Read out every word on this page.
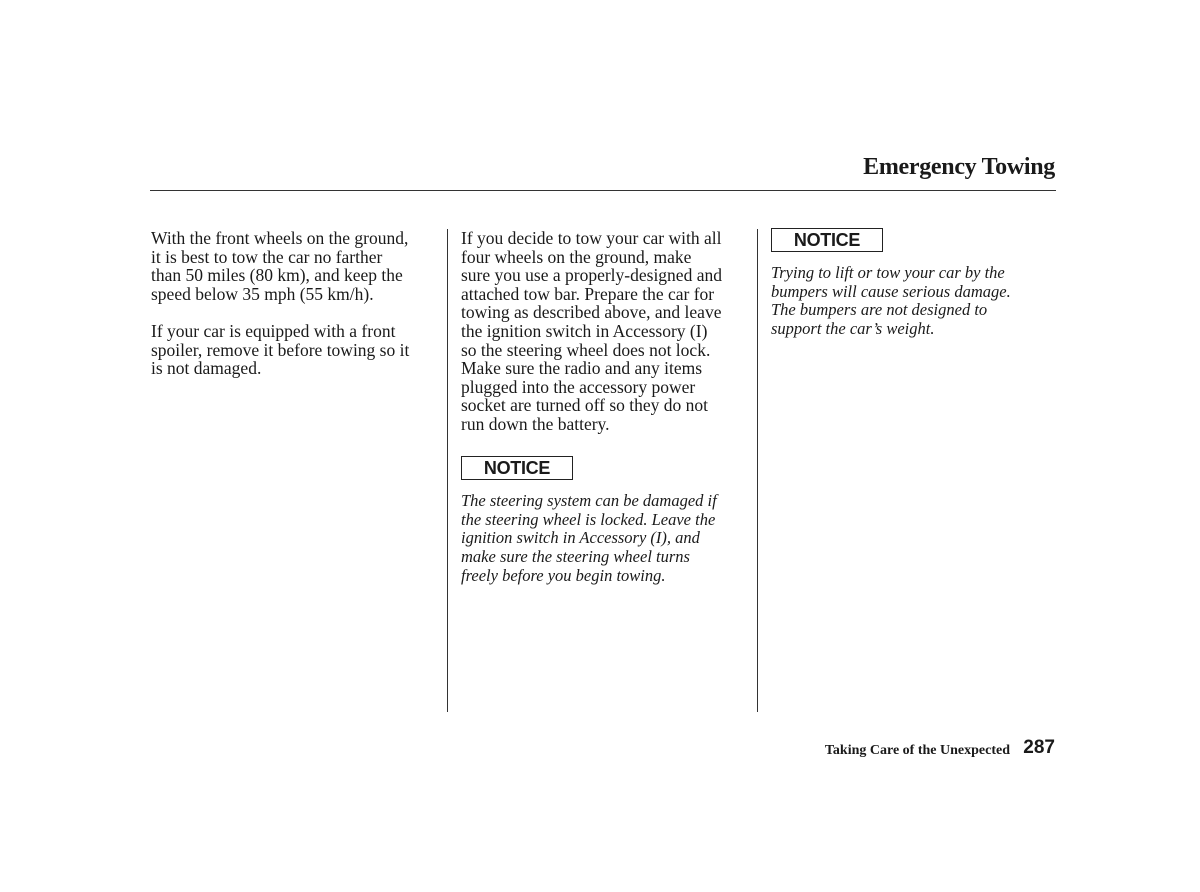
Emergency Towing

With the front wheels on the ground,
it is best to tow the car no farther
than 50 miles (80 km), and keep the
speed below 35 mph (55 km/h).

If your car is equipped with a front
spoiler, remove it before towing so it
is not damaged.

If you decide to tow your car with all
four wheels on the ground, make
sure you use a properly-designed and
attached tow bar. Prepare the car for
towing as described above, and leave
the ignition switch in Accessory (I)
so the steering wheel does not lock.
Make sure the radio and any items
plugged into the accessory power
socket are turned off so they do not
run down the battery.

NOTICE

The steering system can be damaged if
the steering wheel is locked. Leave the
ignition switch in Accessory (I), and
make sure the steering wheel turns
freely before you begin towing.

NOTICE

Trying to lift or tow your car by the
bumpers will cause serious damage.
The bumpers are not designed to
support the car’s weight.

Taking Care of the Unexpected 287
